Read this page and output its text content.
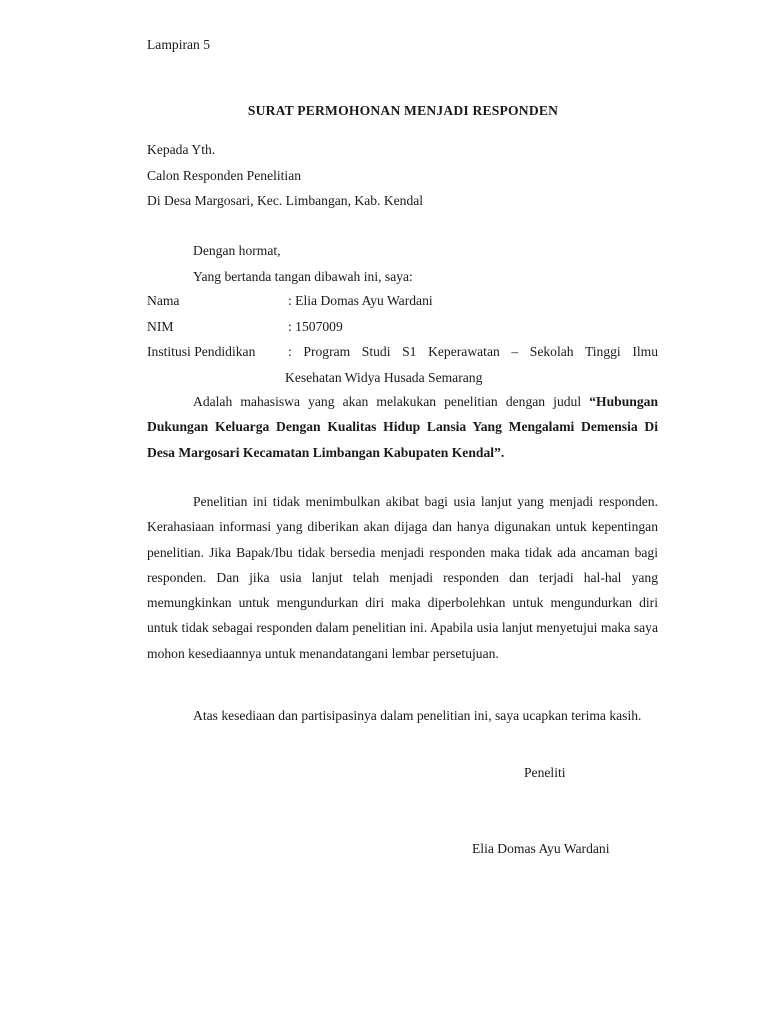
Lampiran 5
SURAT PERMOHONAN MENJADI RESPONDEN
Kepada Yth.
Calon Responden Penelitian
Di Desa Margosari, Kec. Limbangan, Kab. Kendal
Dengan hormat,
Yang bertanda tangan dibawah ini, saya:
Nama	: Elia Domas Ayu Wardani
NIM	: 1507009
Institusi Pendidikan : Program Studi S1 Keperawatan – Sekolah Tinggi Ilmu
Kesehatan Widya Husada Semarang

Adalah mahasiswa yang akan melakukan penelitian dengan judul “Hubungan Dukungan Keluarga Dengan Kualitas Hidup Lansia Yang Mengalami Demensia Di Desa Margosari Kecamatan Limbangan Kabupaten Kendal”.

Penelitian ini tidak menimbulkan akibat bagi usia lanjut yang menjadi responden. Kerahasiaan informasi yang diberikan akan dijaga dan hanya digunakan untuk kepentingan penelitian. Jika Bapak/Ibu tidak bersedia menjadi responden maka tidak ada ancaman bagi responden. Dan jika usia lanjut telah menjadi responden dan terjadi hal-hal yang memungkinkan untuk mengundurkan diri maka diperbolehkan untuk mengundurkan diri untuk tidak sebagai responden dalam penelitian ini. Apabila usia lanjut menyetujui maka saya mohon kesediaannya untuk menandatangani lembar persetujuan.

Atas kesediaan dan partisipasinya dalam penelitian ini, saya ucapkan terima kasih.

Peneliti
Elia Domas Ayu Wardani
